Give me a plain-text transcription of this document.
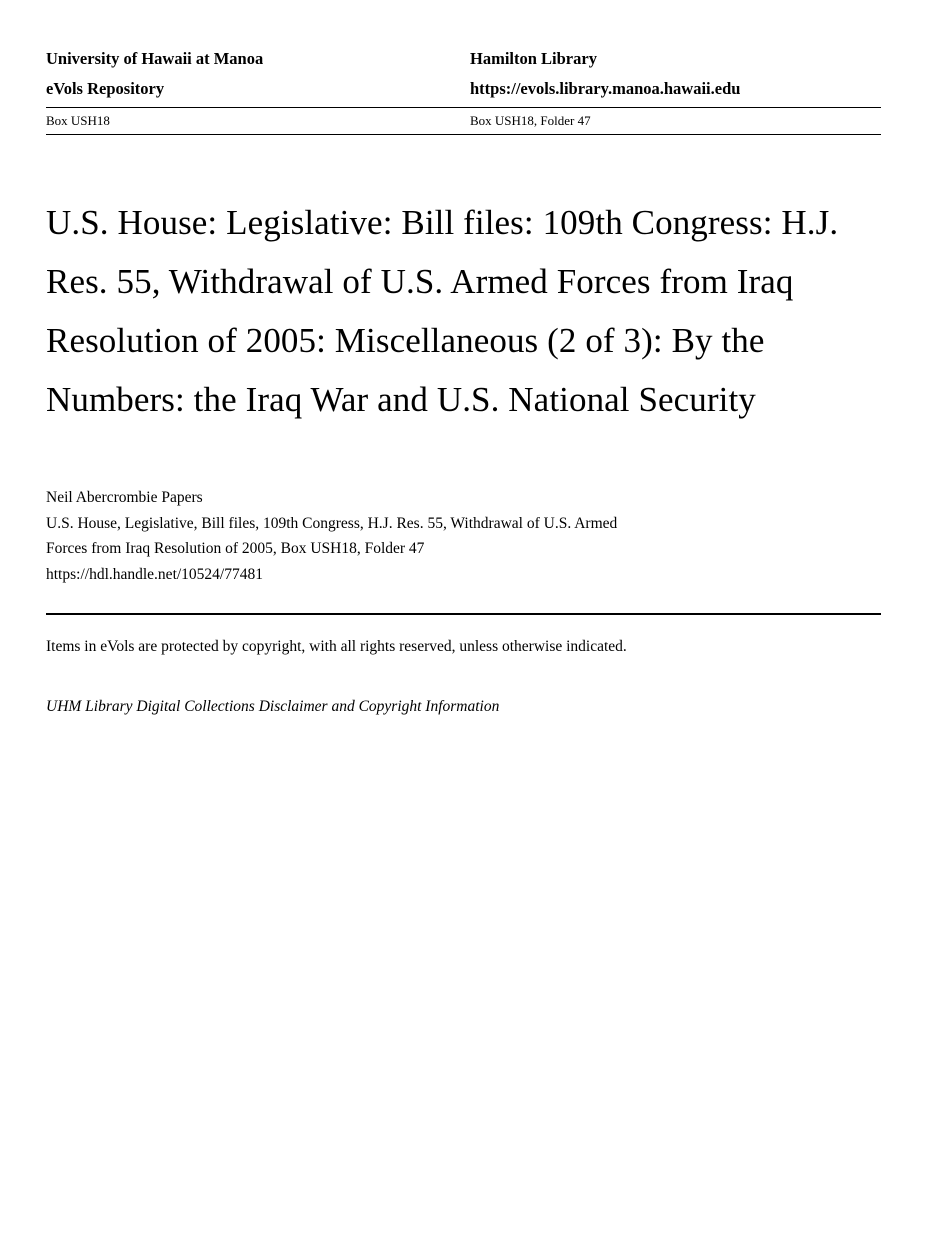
University of Hawaii at Manoa	Hamilton Library
eVols Repository	https://evols.library.manoa.hawaii.edu
Box USH18	Box USH18, Folder 47
U.S. House: Legislative: Bill files: 109th Congress: H.J. Res. 55, Withdrawal of U.S. Armed Forces from Iraq Resolution of 2005: Miscellaneous (2 of 3): By the Numbers: the Iraq War and U.S. National Security
Neil Abercrombie Papers
U.S. House, Legislative, Bill files, 109th Congress, H.J. Res. 55, Withdrawal of U.S. Armed
Forces from Iraq Resolution of 2005, Box USH18, Folder 47
https://hdl.handle.net/10524/77481
Items in eVols are protected by copyright, with all rights reserved, unless otherwise indicated.
UHM Library Digital Collections Disclaimer and Copyright Information
